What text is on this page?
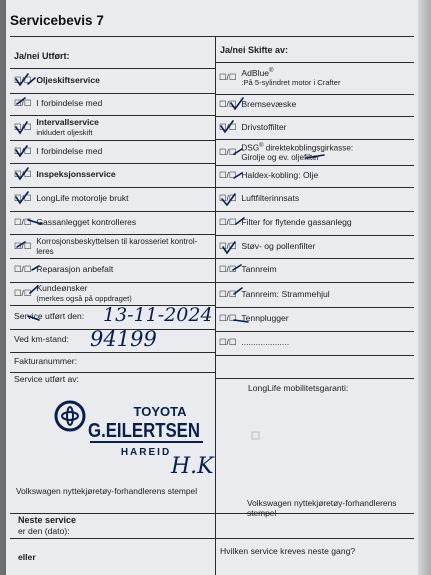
Servicebevis 7
Ja/nei Utført:
Ja/nei Skifte av:
☐/☐ Oljeskiftservice
☐/☐ I forbindelse med
☐/☐
Intervallservice
inkludert oljeskift
☐/☐ I forbindelse med
☐/☐ Inspeksjonsservice
☐/☐ LongLife motorolje brukt
☐/☐ Gassanlegget kontrolleres
☐/☐ Korrosjonsbeskyttelsen til karosseriet kontrol-
leres
☐/☐ Reparasjon anbefalt
☐/☐
Kundeønsker
(merkes også på oppdraget)
Service utført den: 13-11-2024
Ved km-stand: 94199
Fakturanummer:
Service utført av:
TOYOTA
G.EILERTSEN
HAREID
H.K
Volkswagen nyttekjøretøy-forhandlerens stempel
☐/☐ AdBlue®
:På 5-sylindret motor i Crafter
☐/☐ Bremsevæske
☐/☐ Drivstoffilter
☐/☐ DSG® direktekoblingsgirkasse:
Girolje og ev. oljefilter
☐/☐ Haldex-kobling: Olje
☐/☐ Luftfilterinnsats
☐/☐ Filter for flytende gassanlegg
☐/☐ Støv- og pollenfilter
☐/☐ Tannreim
☐/☐ Tannreim: Strammehjul
☐/☐ Tennplugger
☐/☐ ....................
LongLife mobilitetsgaranti:
Volkswagen nyttekjøretøy-forhandlerens stempel
Neste service
er den (dato):
eller
Hvilken service kreves neste gang?
